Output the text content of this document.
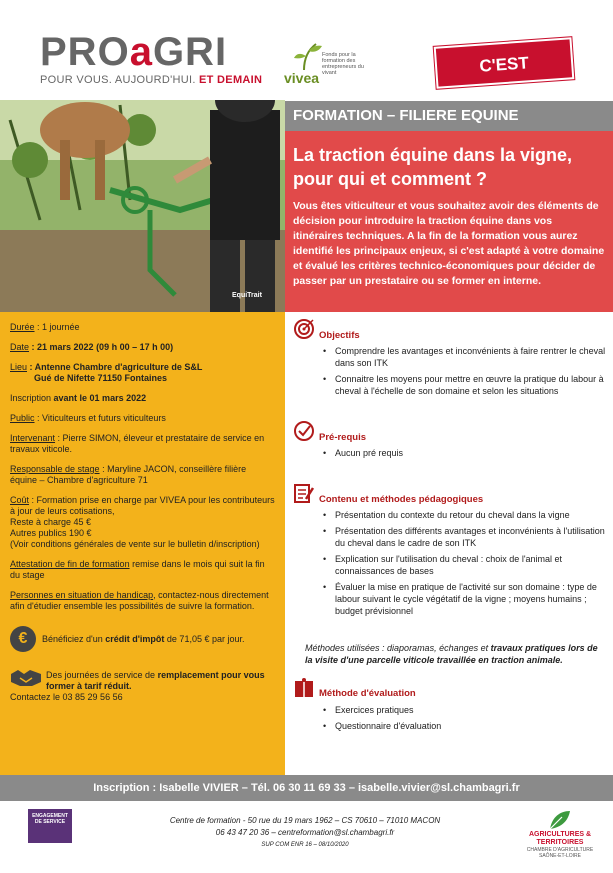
PROaGRI
POUR VOUS. AUJOURD'HUI. ET DEMAIN vivea
Fonds pour la formation des entrepreneurs du vivant	C'EST
EquiTrait
FORMATION – FILIERE EQUINE
La traction équine dans la vigne, pour qui et comment ?
Vous êtes viticulteur et vous souhaitez avoir des éléments de décision pour introduire la traction équine dans vos itinéraires techniques. A la fin de la formation vous aurez identifié les principaux enjeux, si c'est adapté à votre domaine et évalué les critères technico-économiques pour décider de passer par un prestataire ou se former en interne.

Durée : 1 journée

Date : 21 mars 2022 (09 h 00 – 17 h 00)

Lieu : Antenne Chambre d'agriculture de S&L
Gué de Nifette 71150 Fontaines

Inscription avant le 01 mars 2022

Public : Viticulteurs et futurs viticulteurs

Intervenant : Pierre SIMON, éleveur et prestataire de service en travaux viticole.

Responsable de stage : Maryline JACON, conseillère filière équine – Chambre d'agriculture 71

Coût : Formation prise en charge par VIVEA pour les contributeurs à jour de leurs cotisations,
Reste à charge 45 €
Autres publics 190 €
(Voir conditions générales de vente sur le bulletin d/inscription)

Attestation de fin de formation remise dans le mois qui suit la fin du stage

Personnes en situation de handicap, contactez-nous directement afin d'étudier ensemble les possibilités de suivre la formation.

€	Bénéficiez d'un crédit d'impôt de 71,05 € par jour.
Des journées de service de remplacement pour vous former à tarif réduit.
Contactez le 03 85 29 56 56
Objectifs
• Comprendre les avantages et inconvénients à faire rentrer le cheval dans son ITK
• Connaitre les moyens pour mettre en œuvre la pratique du labour à cheval à l'échelle de son domaine et selon les situations
Pré-requis
• Aucun pré requis
Contenu et méthodes pédagogiques
• Présentation du contexte du retour du cheval dans la vigne
• Présentation des différents avantages et inconvénients à l'utilisation du cheval dans le cadre de son ITK
• Explication sur l'utilisation du cheval : choix de l'animal et connaissances de bases
• Évaluer la mise en pratique de l'activité sur son domaine : type de labour suivant le cycle végétatif de la vigne ; moyens humains ; budget prévisionnel
Méthodes utilisées : diaporamas, échanges et travaux pratiques lors de la visite d'une parcelle viticole travaillée en traction animale.
Méthode d'évaluation
• Exercices pratiques
• Questionnaire d'évaluation
Inscription : Isabelle VIVIER – Tél. 06 30 11 69 33 – isabelle.vivier@sl.chambagri.fr
ENGAGEMENT DE SERVICE	Centre de formation - 50 rue du 19 mars 1962 – CS 70610 – 71010 MACON
06 43 47 20 36 – centreformation@sl.chambagri.fr
SUP COM ENR 16 – 08/10/2020
AGRICULTURES & TERRITOIRES
CHAMBRE D'AGRICULTURE SAÔNE-ET-LOIRE
